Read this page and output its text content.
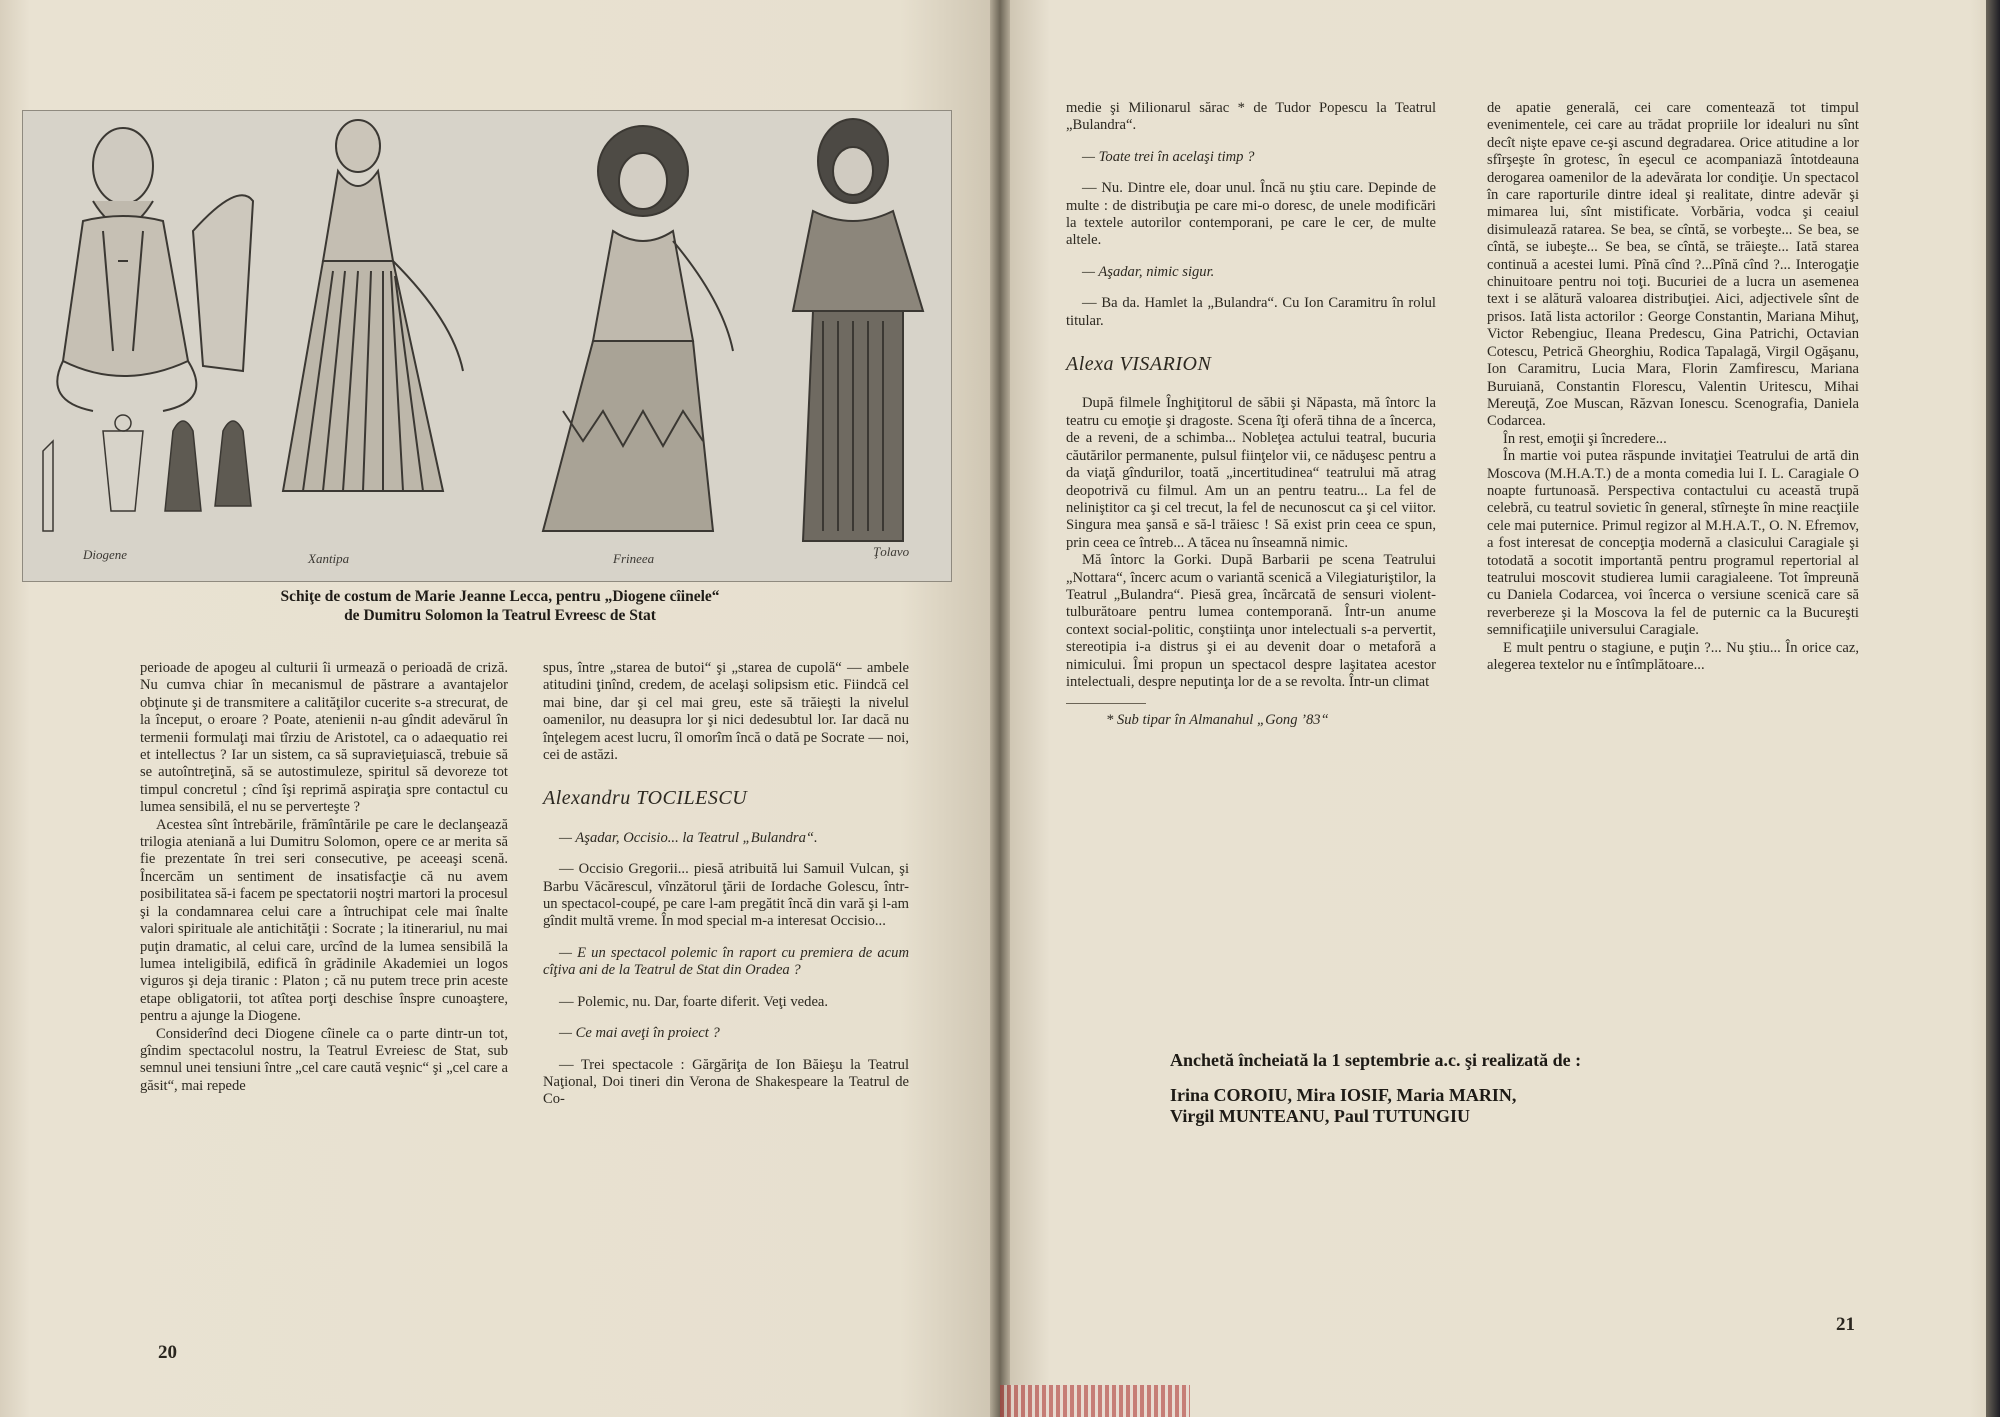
Diogene	Xantipa	Frineea	Ţolavo
Schiţe de costum de Marie Jeanne Lecca, pentru „Diogene cîinele“
de Dumitru Solomon la Teatrul Evreesc de Stat

perioade de apogeu al culturii îi urmează o perioadă de criză. Nu cumva chiar în mecanismul de păstrare a avantajelor obţinute şi de transmitere a calităţilor cucerite s-a strecurat, de la început, o eroare ? Poate, atenienii n-au gîndit adevărul în termenii formulaţi mai tîrziu de Aristotel, ca o adaequatio rei et intellectus ? Iar un sistem, ca să supravieţuiască, trebuie să se autoîntreţină, să se autostimuleze, spiritul să devoreze tot timpul concretul ; cînd îşi reprimă aspiraţia spre contactul cu lumea sensibilă, el nu se perverteşte ?

Acestea sînt întrebările, frămîntările pe care le declanşează trilogia ateniană a lui Dumitru Solomon, opere ce ar merita să fie prezentate în trei seri consecutive, pe aceeaşi scenă. Încercăm un sentiment de insatisfacţie că nu avem posibilitatea să-i facem pe spectatorii noştri martori la procesul şi la condamnarea celui care a întruchipat cele mai înalte valori spirituale ale antichităţii : Socrate ; la itinerariul, nu mai puţin dramatic, al celui care, urcînd de la lumea sensibilă la lumea inteligibilă, edifică în grădinile Akademiei un logos viguros şi deja tiranic : Platon ; că nu putem trece prin aceste etape obligatorii, tot atîtea porţi deschise înspre cunoaştere, pentru a ajunge la Diogene.

Considerînd deci Diogene cîinele ca o parte dintr-un tot, gîndim spectacolul nostru, la Teatrul Evreiesc de Stat, sub semnul unei tensiuni între „cel care caută veşnic“ şi „cel care a găsit“, mai repede

spus, între „starea de butoi“ şi „starea de cupolă“ — ambele atitudini ţinînd, credem, de acelaşi solipsism etic. Fiindcă cel mai bine, dar şi cel mai greu, este să trăieşti la nivelul oamenilor, nu deasupra lor şi nici dedesubtul lor. Iar dacă nu înţelegem acest lucru, îl omorîm încă o dată pe Socrate — noi, cei de astăzi.

Alexandru TOCILESCU

— Aşadar, Occisio... la Teatrul „Bulandra“.

— Occisio Gregorii... piesă atribuită lui Samuil Vulcan, şi Barbu Văcărescul, vînzătorul ţării de Iordache Golescu, într-un spectacol-coupé, pe care l-am pregătit încă din vară şi l-am gîndit multă vreme. În mod special m-a interesat Occisio...

— E un spectacol polemic în raport cu premiera de acum cîţiva ani de la Teatrul de Stat din Oradea ?

— Polemic, nu. Dar, foarte diferit. Veţi vedea.

— Ce mai aveţi în proiect ?

— Trei spectacole : Gărgăriţa de Ion Băieşu la Teatrul Naţional, Doi tineri din Verona de Shakespeare la Teatrul de Co-

20

medie şi Milionarul sărac * de Tudor Popescu la Teatrul „Bulandra“.

— Toate trei în acelaşi timp ?

— Nu. Dintre ele, doar unul. Încă nu ştiu care. Depinde de multe : de distribuţia pe care mi-o doresc, de unele modificări la textele autorilor contemporani, pe care le cer, de multe altele.

— Aşadar, nimic sigur.

— Ba da. Hamlet la „Bulandra“. Cu Ion Caramitru în rolul titular.

Alexa VISARION

După filmele Înghiţitorul de săbii şi Năpasta, mă întorc la teatru cu emoţie şi dragoste. Scena îţi oferă tihna de a încerca, de a reveni, de a schimba... Nobleţea actului teatral, bucuria căutărilor permanente, pulsul fiinţelor vii, ce năduşesc pentru a da viaţă gîndurilor, toată „incertitudinea“ teatrului mă atrag deopotrivă cu filmul. Am un an pentru teatru... La fel de neliniştitor ca şi cel trecut, la fel de necunoscut ca şi cel viitor. Singura mea şansă e să-l trăiesc ! Să exist prin ceea ce spun, prin ceea ce întreb... A tăcea nu înseamnă nimic.

Mă întorc la Gorki. După Barbarii pe scena Teatrului „Nottara“, încerc acum o variantă scenică a Vilegiaturiştilor, la Teatrul „Bulandra“. Piesă grea, încărcată de sensuri violent-tulburătoare pentru lumea contemporană. Într-un anume context social-politic, conştiinţa unor intelectuali s-a pervertit, stereotipia i-a distrus şi ei au devenit doar o metaforă a nimicului. Îmi propun un spectacol despre laşitatea acestor intelectuali, despre neputinţa lor de a se revolta. Într-un climat

* Sub tipar în Almanahul „Gong ’83“

de apatie generală, cei care comentează tot timpul evenimentele, cei care au trădat propriile lor idealuri nu sînt decît nişte epave ce-şi ascund degradarea. Orice atitudine a lor sfîrşeşte în grotesc, în eşecul ce acompaniază întotdeauna derogarea oamenilor de la adevărata lor condiţie. Un spectacol în care raporturile dintre ideal şi realitate, dintre adevăr şi mimarea lui, sînt mistificate. Vorbăria, vodca şi ceaiul disimulează ratarea. Se bea, se cîntă, se vorbeşte... Se bea, se cîntă, se iubeşte... Se bea, se cîntă, se trăieşte... Iată starea continuă a acestei lumi. Pînă cînd ?...Pînă cînd ?... Interogaţie chinuitoare pentru noi toţi. Bucuriei de a lucra un asemenea text i se alătură valoarea distribuţiei. Aici, adjectivele sînt de prisos. Iată lista actorilor : George Constantin, Mariana Mihuţ, Victor Rebengiuc, Ileana Predescu, Gina Patrichi, Octavian Cotescu, Petrică Gheorghiu, Rodica Tapalagă, Virgil Ogăşanu, Ion Caramitru, Lucia Mara, Florin Zamfirescu, Mariana Buruiană, Constantin Florescu, Valentin Uritescu, Mihai Mereuţă, Zoe Muscan, Răzvan Ionescu. Scenografia, Daniela Codarcea.

În rest, emoţii şi încredere...

În martie voi putea răspunde invitaţiei Teatrului de artă din Moscova (M.H.A.T.) de a monta comedia lui I. L. Caragiale O noapte furtunoasă. Perspectiva contactului cu această trupă celebră, cu teatrul sovietic în general, stîrneşte în mine reacţiile cele mai puternice. Primul regizor al M.H.A.T., O. N. Efremov, a fost interesat de concepţia modernă a clasicului Caragiale şi totodată a socotit importantă pentru programul repertorial al teatrului moscovit studierea lumii caragialeene. Tot împreună cu Daniela Codarcea, voi încerca o versiune scenică care să reverbereze şi la Moscova la fel de puternic ca la Bucureşti semnificaţiile universului Caragiale.

E mult pentru o stagiune, e puţin ?... Nu ştiu... În orice caz, alegerea textelor nu e întîmplătoare...

Anchetă încheiată la 1 septembrie a.c. şi realizată de :
Irina COROIU, Mira IOSIF, Maria MARIN,
Virgil MUNTEANU, Paul TUTUNGIU
21
